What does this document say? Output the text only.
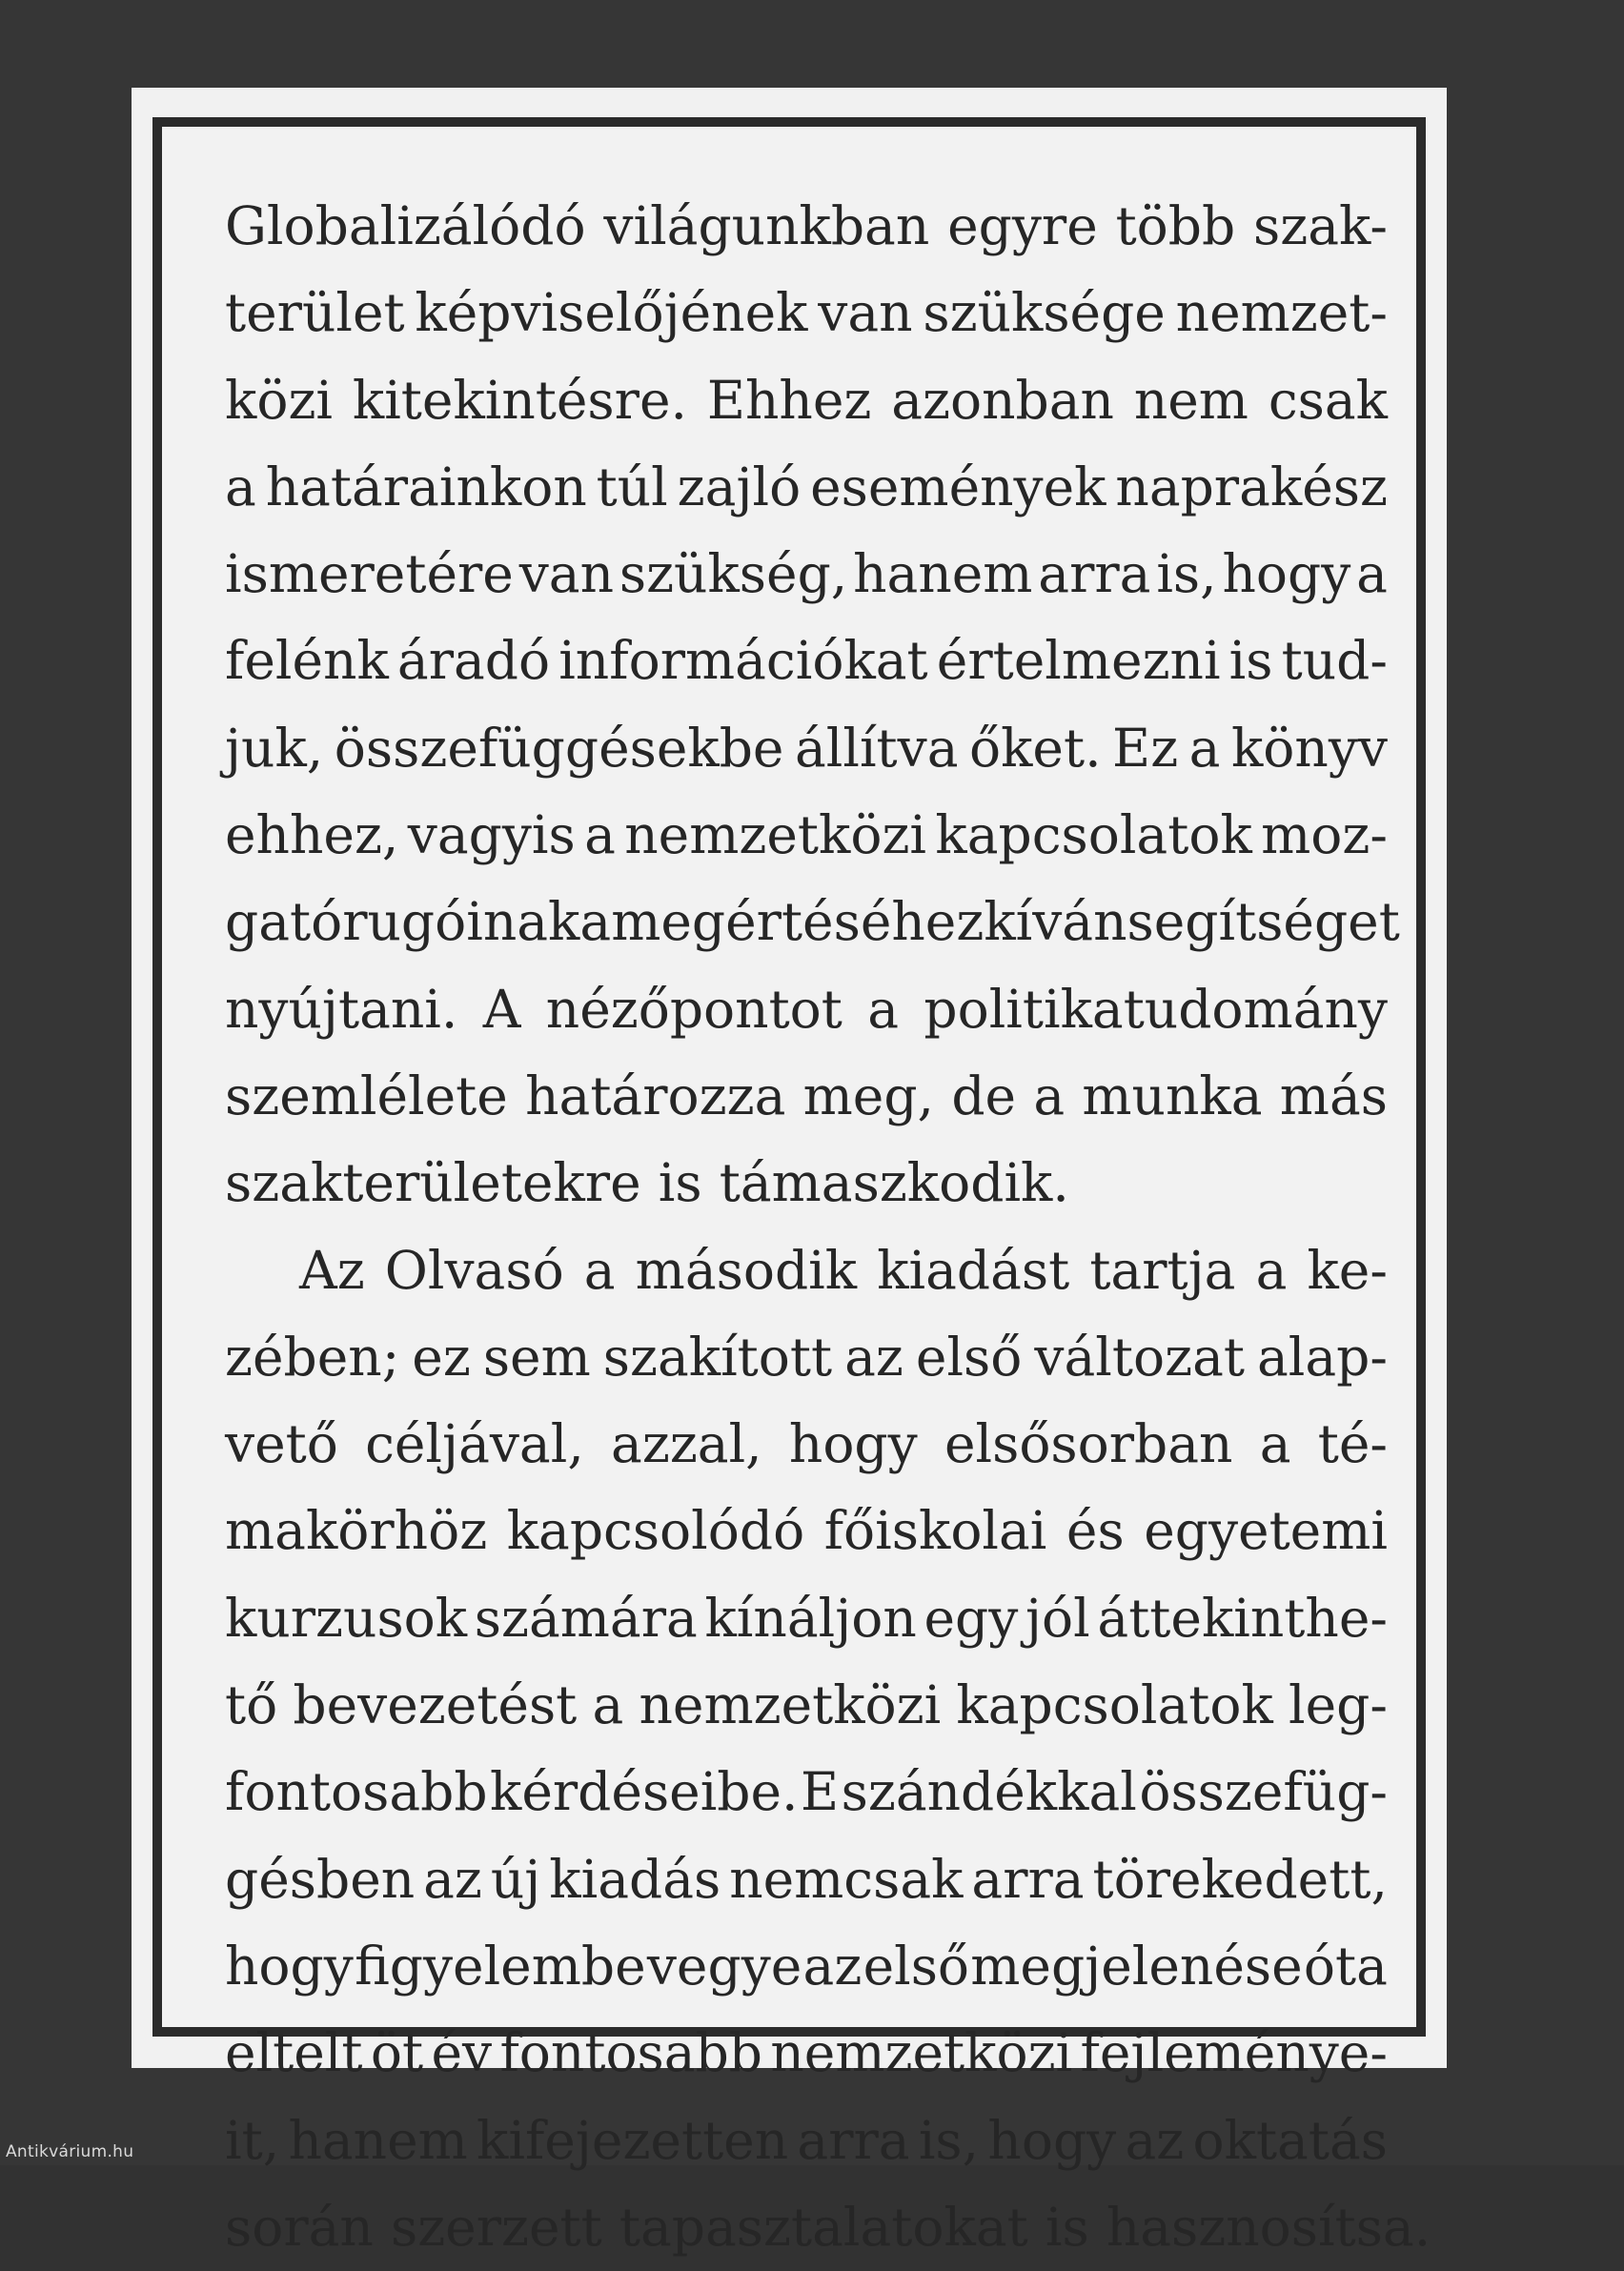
Globalizálódó világunkban egyre több szak-
terület képviselőjének van szüksége nemzet-
közi kitekintésre. Ehhez azonban nem csak
a határainkon túl zajló események naprakész
ismeretére van szükség, hanem arra is, hogy a
felénk áradó információkat értelmezni is tud-
juk, összefüggésekbe állítva őket. Ez a könyv
ehhez, vagyis a nemzetközi kapcsolatok moz-
gatórugóinak a megértéséhez kíván segítséget
nyújtani. A nézőpontot a politikatudomány
szemlélete határozza meg, de a munka más
szakterületekre is támaszkodik.
Az Olvasó a második kiadást tartja a ke-
zében; ez sem szakított az első változat alap-
vető céljával, azzal, hogy elsősorban a té-
makörhöz kapcsolódó főiskolai és egyetemi
kurzusok számára kínáljon egy jól áttekinthe-
tő bevezetést a nemzetközi kapcsolatok leg-
fontosabb kérdéseibe. E szándékkal összefüg-
gésben az új kiadás nemcsak arra törekedett,
hogy figyelembe vegye az első megjelenése óta
eltelt öt év fontosabb nemzetközi fejleménye-
it, hanem kifejezetten arra is, hogy az oktatás
során szerzett tapasztalatokat is hasznosítsa.
Antikvárium.hu
